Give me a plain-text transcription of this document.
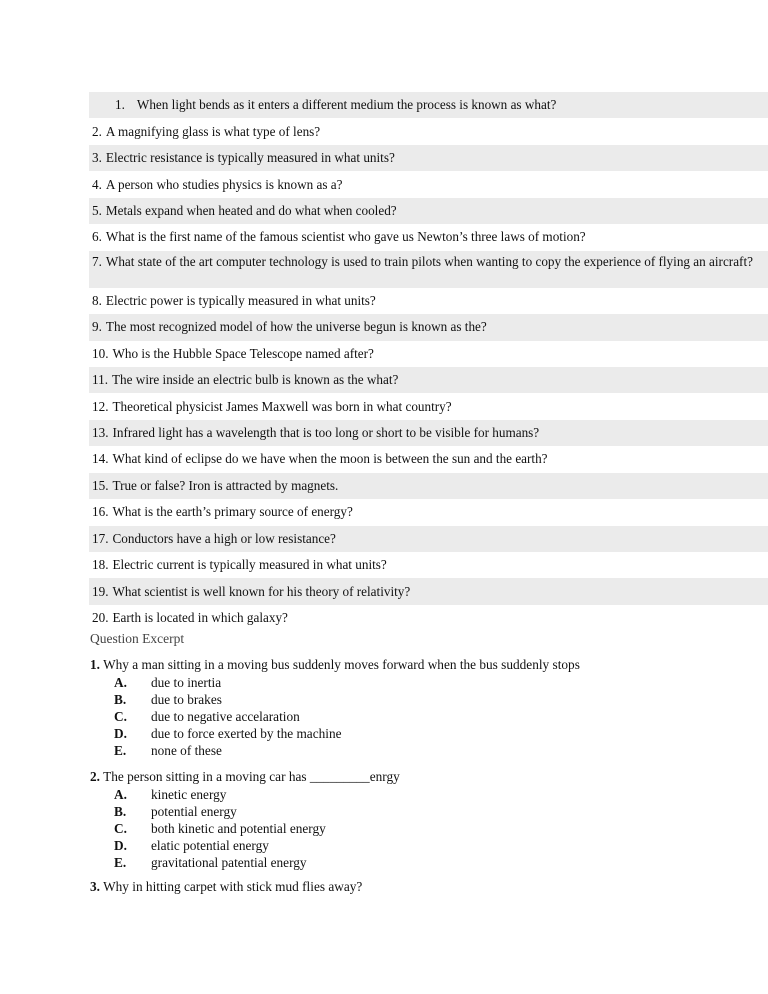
1. When light bends as it enters a different medium the process is known as what?
2. A magnifying glass is what type of lens?
3. Electric resistance is typically measured in what units?
4. A person who studies physics is known as a?
5. Metals expand when heated and do what when cooled?
6. What is the first name of the famous scientist who gave us Newton’s three laws of motion?
7. What state of the art computer technology is used to train pilots when wanting to copy the experience of flying an aircraft?
8. Electric power is typically measured in what units?
9. The most recognized model of how the universe begun is known as the?
10. Who is the Hubble Space Telescope named after?
11. The wire inside an electric bulb is known as the what?
12. Theoretical physicist James Maxwell was born in what country?
13. Infrared light has a wavelength that is too long or short to be visible for humans?
14. What kind of eclipse do we have when the moon is between the sun and the earth?
15. True or false? Iron is attracted by magnets.
16. What is the earth’s primary source of energy?
17. Conductors have a high or low resistance?
18. Electric current is typically measured in what units?
19. What scientist is well known for his theory of relativity?
20. Earth is located in which galaxy?
Question Excerpt
1. Why a man sitting in a moving bus suddenly moves forward when the bus suddenly stops
A.	due to inertia
B.	due to brakes
C.	due to negative accelaration
D.	due to force exerted by the machine
E.	none of these
2. The person sitting in a moving car has _________enrgy
A.	kinetic energy
B.	potential energy
C.	both kinetic and potential energy
D.	elatic potential energy
E.	gravitational patential energy
3. Why in hitting carpet with stick mud flies away?
